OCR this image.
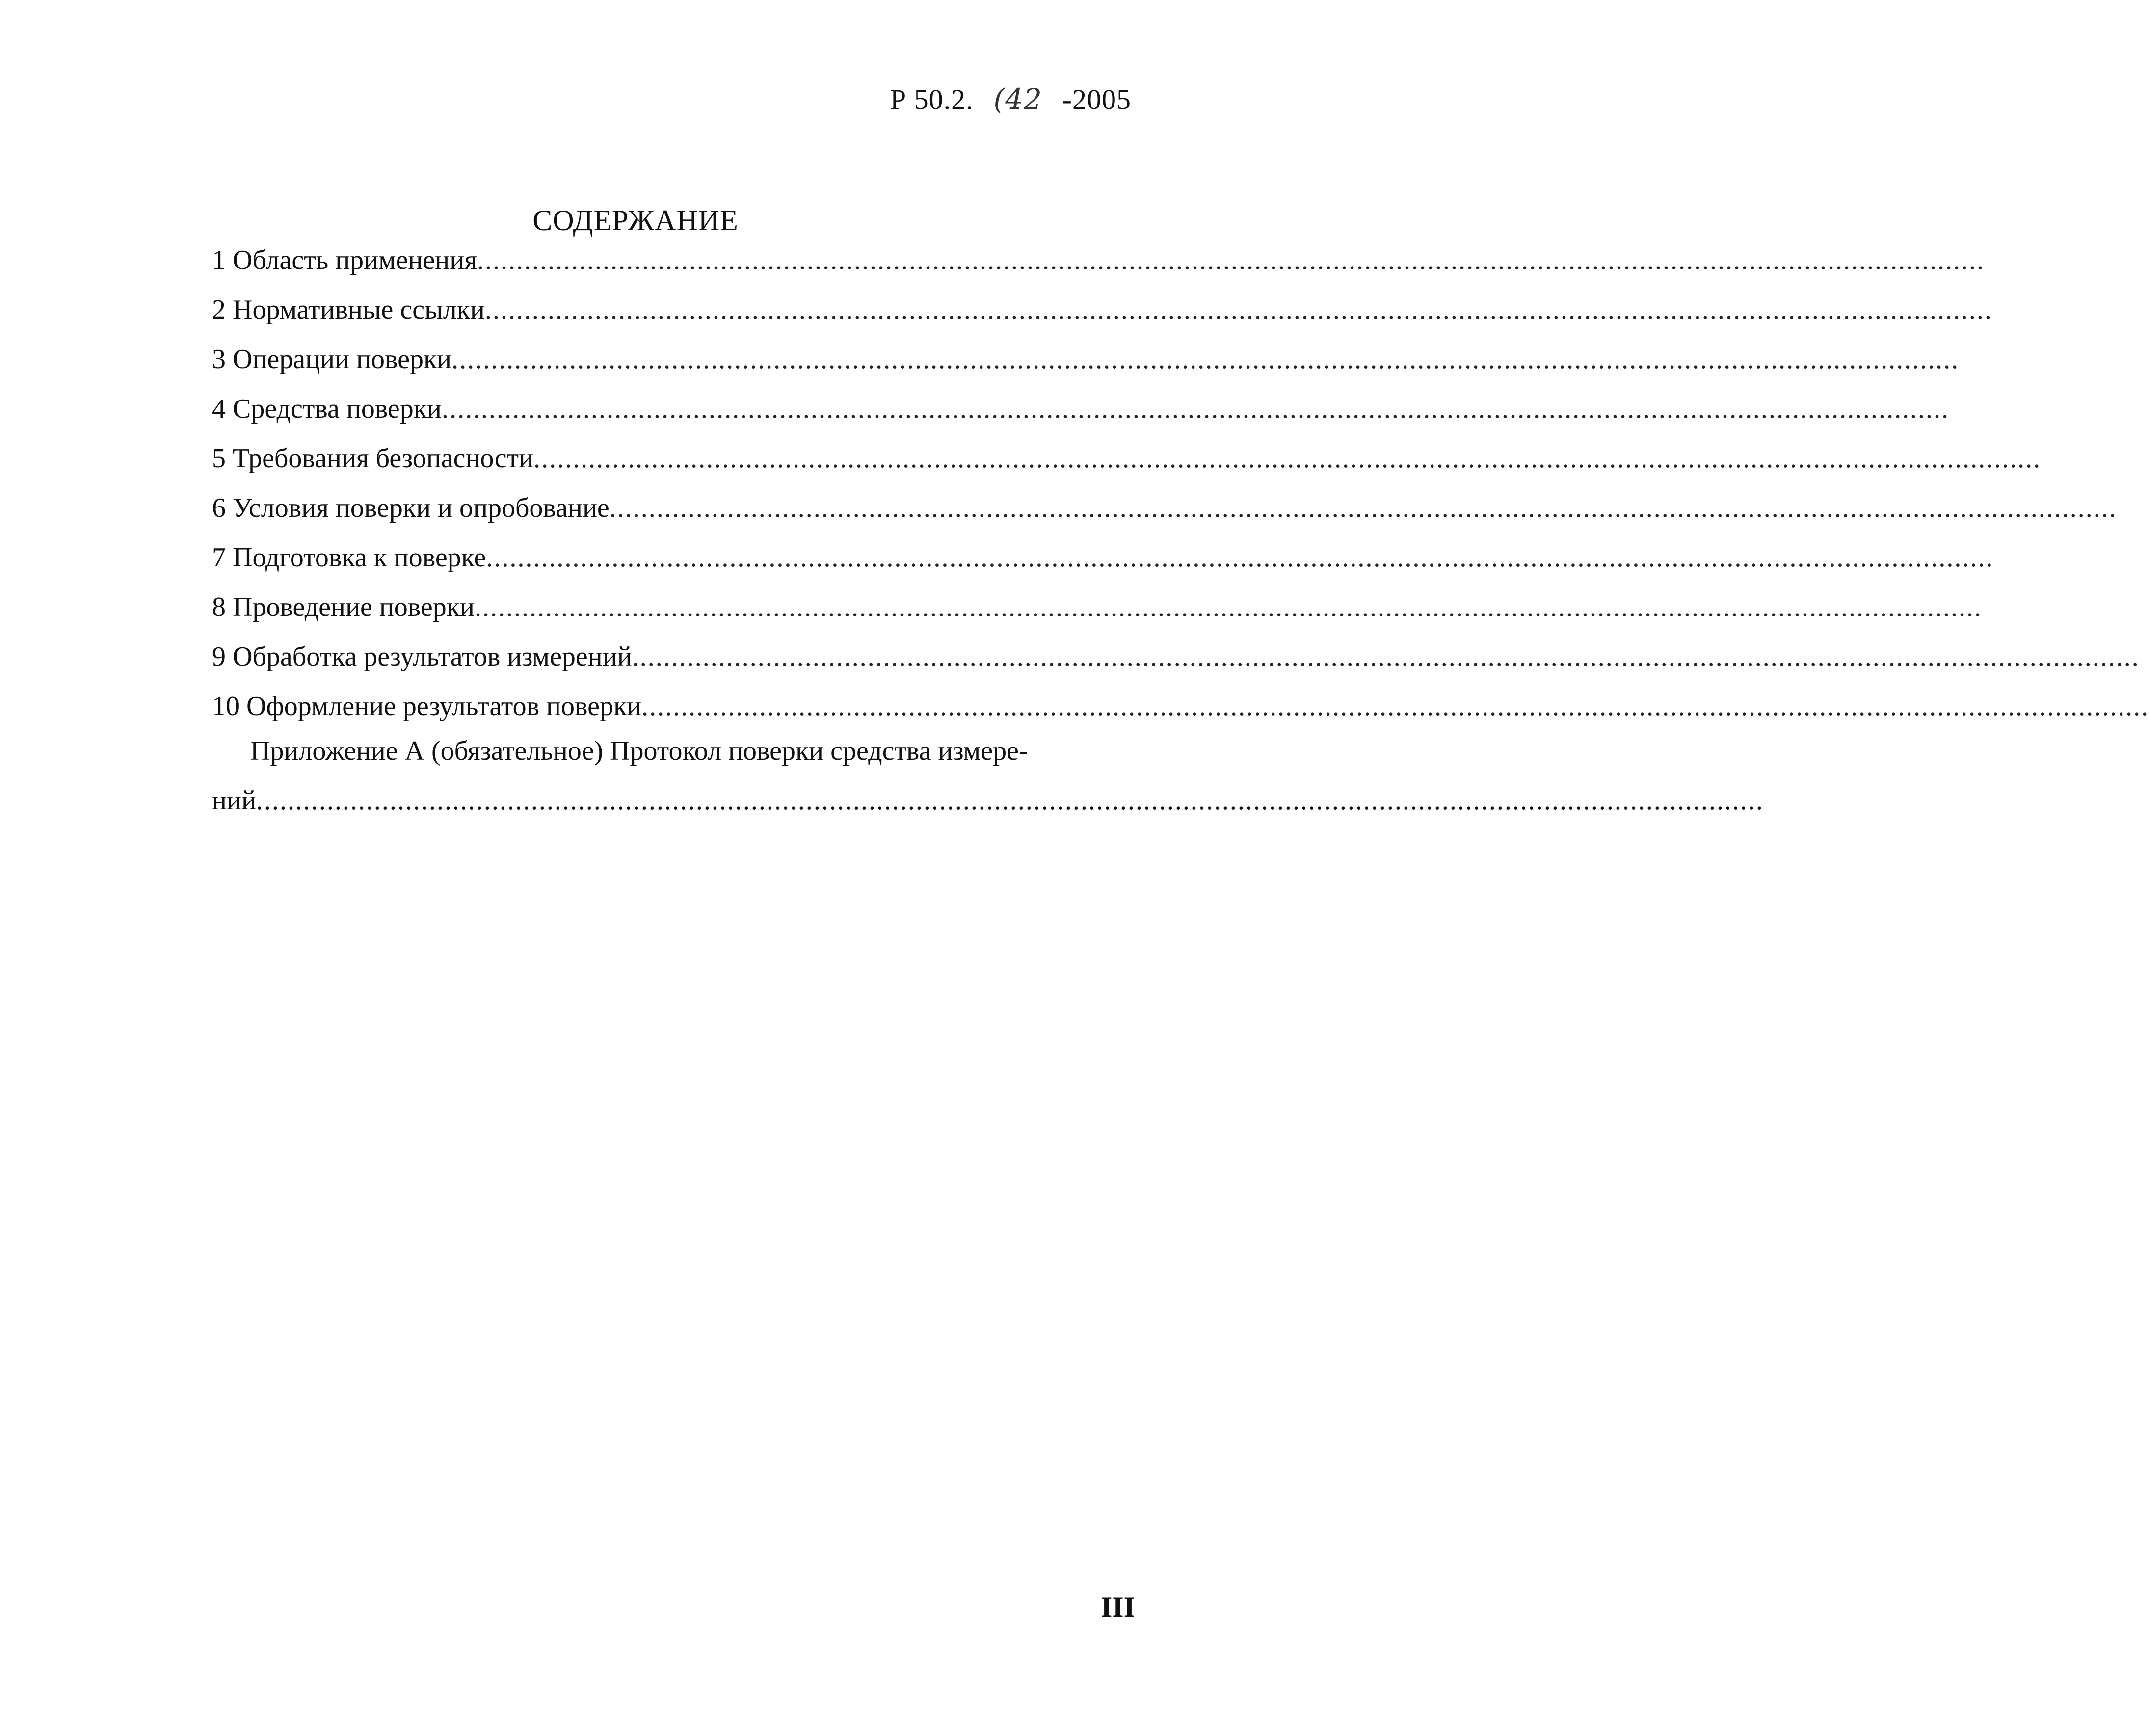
Р 50.2. (42 -2005
СОДЕРЖАНИЕ
1 Область применения ................................................................................................................................................................................................
2 Нормативные ссылки ................................................................................................................................................................................................
3 Операции поверки ................................................................................................................................................................................................
4 Средства поверки ................................................................................................................................................................................................
5 Требования безопасности ................................................................................................................................................................................................
6 Условия поверки и опробование ................................................................................................................................................................................................
7 Подготовка к поверке ................................................................................................................................................................................................
8 Проведение поверки ................................................................................................................................................................................................
9 Обработка результатов измерений ................................................................................................................................................................................................
10 Оформление результатов поверки ................................................................................................................................................................................................
Приложение А (обязательное) Протокол поверки средства измере-
ний ................................................................................................................................................................................................
III
